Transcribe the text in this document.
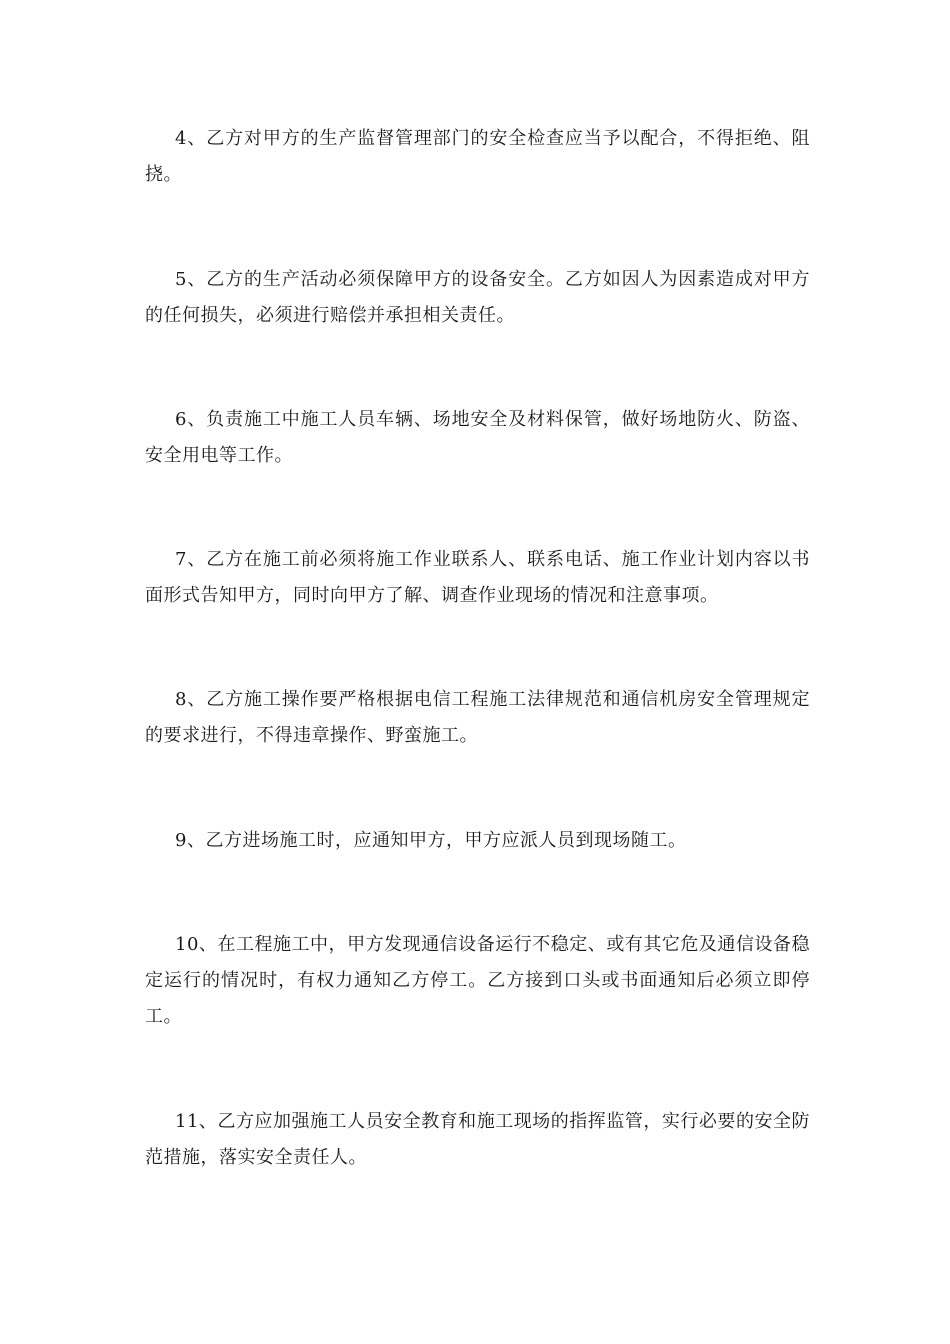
4、乙方对甲方的生产监督管理部门的安全检查应当予以配合，不得拒绝、阻挠。

5、乙方的生产活动必须保障甲方的设备安全。乙方如因人为因素造成对甲方的任何损失，必须进行赔偿并承担相关责任。

6、负责施工中施工人员车辆、场地安全及材料保管，做好场地防火、防盗、安全用电等工作。

7、乙方在施工前必须将施工作业联系人、联系电话、施工作业计划内容以书面形式告知甲方，同时向甲方了解、调查作业现场的情况和注意事项。

8、乙方施工操作要严格根据电信工程施工法律规范和通信机房安全管理规定的要求进行，不得违章操作、野蛮施工。

9、乙方进场施工时，应通知甲方，甲方应派人员到现场随工。

10、在工程施工中，甲方发现通信设备运行不稳定、或有其它危及通信设备稳定运行的情况时，有权力通知乙方停工。乙方接到口头或书面通知后必须立即停工。

11、乙方应加强施工人员安全教育和施工现场的指挥监管，实行必要的安全防范措施，落实安全责任人。
